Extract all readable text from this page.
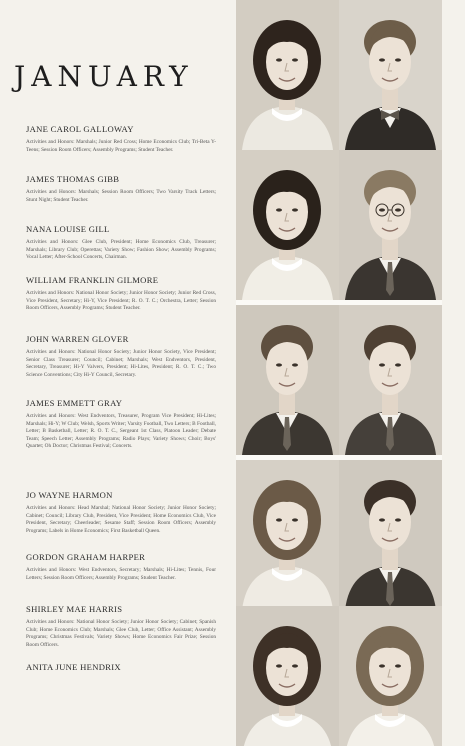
JANUARY
JANE CAROL GALLOWAY
Activities and Honors: Marshals; Junior Red Cross; Home Economics Club; Tri-Beta Y-Teens; Session Room Officers; Assembly Programs; Student Teacher.
JAMES THOMAS GIBB
Activities and Honors: Marshals; Session Room Officers; Two Varsity Track Letters; Stunt Night; Student Teacher.
NANA LOUISE GILL
Activities and Honors: Glee Club, President; Home Economics Club, Treasurer; Marshals; Library Club; Operettas; Variety Show; Fashion Show; Assembly Programs; Vocal Letter; After-School Concerts, Chairman.
WILLIAM FRANKLIN GILMORE
Activities and Honors: National Honor Society; Junior Honor Society; Junior Red Cross, Vice President, Secretary; Hi-Y, Vice President; R. O. T. C.; Orchestra, Letter; Session Room Officers, Assembly Programs; Student Teacher.
JOHN WARREN GLOVER
Activities and Honors: National Honor Society; Junior Honor Society, Vice President; Senior Class Treasurer; Council; Cabinet; Marshals; West Endventors, President, Secretary, Treasurer; Hi-Y Valvers, President; Hi-Lites, President; R. O. T. C.; Two Science Conventions; City Hi-Y Council, Secretary.
JAMES EMMETT GRAY
Activities and Honors: West Endventors, Treasurer, Program Vice President; Hi-Lites; Marshals; Hi-Y; W Club; Welsh, Sports Writer; Varsity Football, Two Letters; B Football, Letter; B Basketball, Letter; R. O. T. C., Sergeant 1st Class, Platoon Leader; Debate Team; Speech Letter; Assembly Programs; Radio Plays; Variety Shows; Choir; Boys' Quartet; Oh Doctor; Christmas Festival; Concerts.
JO WAYNE HARMON
Activities and Honors: Head Marshal; National Honor Society; Junior Honor Society; Cabinet; Council; Library Club, President, Vice President; Home Economics Club, Vice President, Secretary; Cheerleader; Sesame Staff; Session Room Officers; Assembly Programs; Labels in Home Economics; First Basketball Queen.
GORDON GRAHAM HARPER
Activities and Honors: West Endventors, Secretary; Marshals; Hi-Lites; Tennis, Four Letters; Session Room Officers; Assembly Programs; Student Teacher.
SHIRLEY MAE HARRIS
Activities and Honors: National Honor Society; Junior Honor Society; Cabinet; Spanish Club; Home Economics Club; Marshals; Glee Club, Letter; Office Assistant; Assembly Programs; Christmas Festivals; Variety Shows; Home Economics Fair Prize; Session Room Officers.
ANITA JUNE HENDRIX
